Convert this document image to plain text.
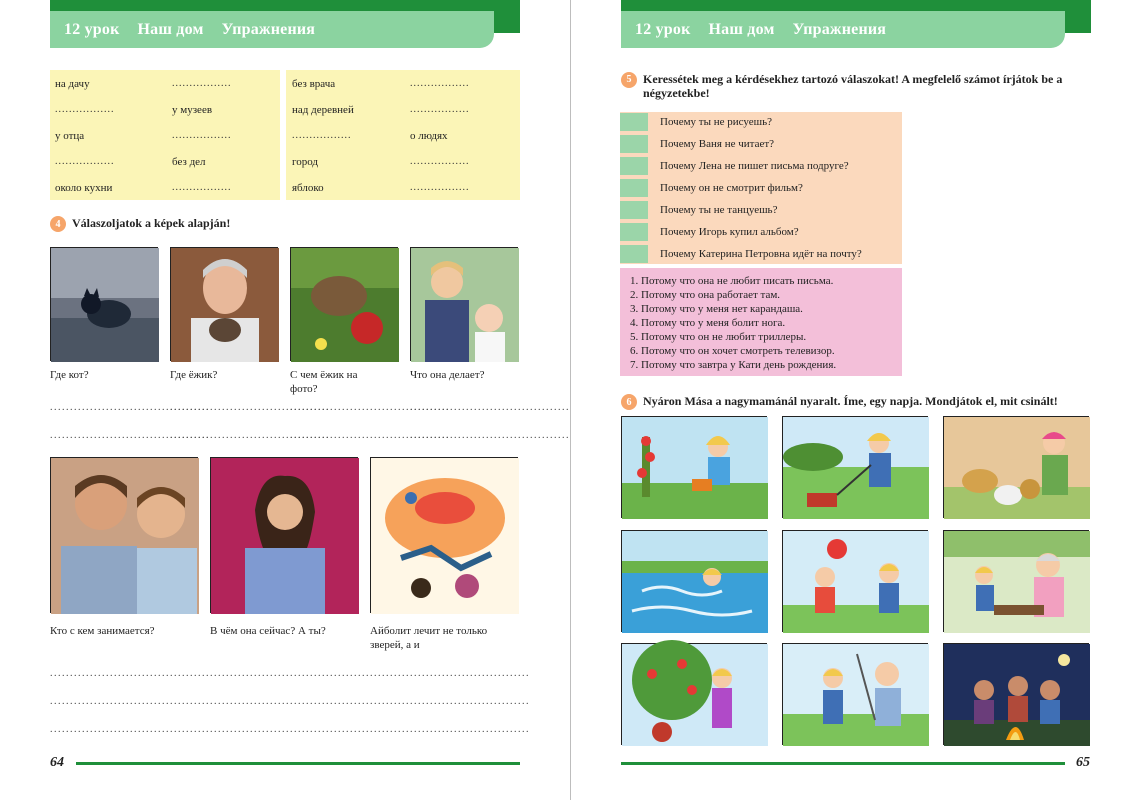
12 урок Наш дом Упражнения
на дачу	.................
.................	у музеев
у отца	.................
.................	без дел
около кухни	.................
без врача	.................
над деревней	.................
.................	о людях
город	.................
яблоко	.................
4 Válaszoljatok a képek alapján!
Где кот?	Где ёжик?	С чем ёжик на фото?
Что она делает?
........................................
........................................
........................................
........................................
........................................
........................................
........................................
........................................
Кто с кем занимается?	В чём она сейчас? А ты?	Айболит лечит не только зверей, а и
........................................ ........................................ ........................................
........................................ ........................................ ........................................
........................................ ........................................ ........................................
64
12 урок Наш дом Упражнения
5 Keressétek meg a kérdésekhez tartozó válaszokat! A megfelelő számot írjátok be a négyzetekbe!
Почему ты не рисуешь?
Почему Ваня не читает?
Почему Лена не пишет письма подруге?
Почему он не смотрит фильм?
Почему ты не танцуешь?
Почему Игорь купил альбом?
Почему Катерина Петровна идёт на почту?
1. Потому что она не любит писать письма.
2. Потому что она работает там.
3. Потому что у меня нет карандаша.
4. Потому что у меня болит нога.
5. Потому что он не любит триллеры.
6. Потому что он хочет смотреть телевизор.
7. Потому что завтра у Кати день рождения.
6 Nyáron Mása a nagymamánál nyaralt. Íme, egy napja. Mondjátok el, mit csinált!
65
